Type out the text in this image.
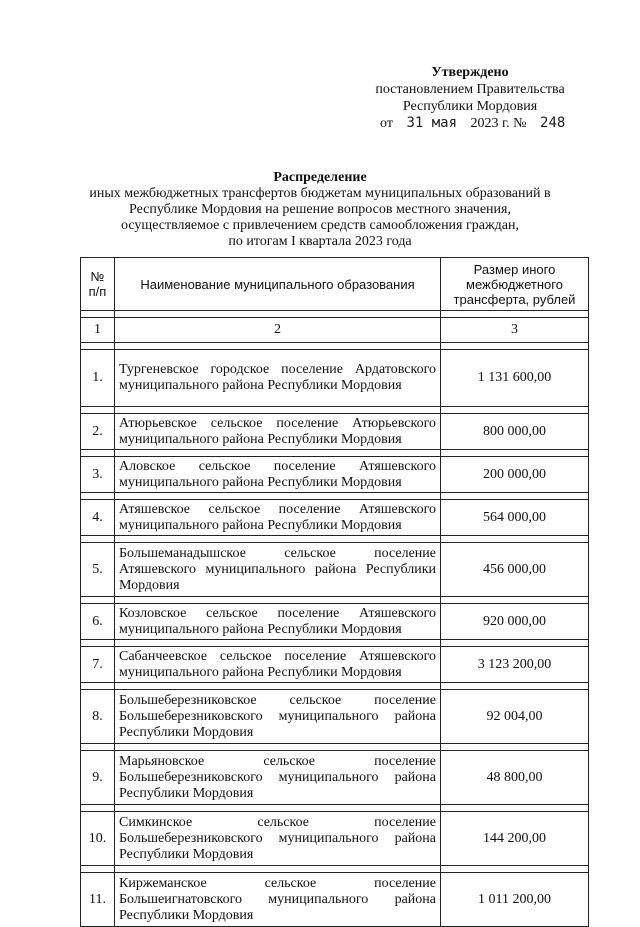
Утверждено
постановлением Правительства
Республики Мордовия
от 31 мая 2023 г. № 248
Распределение
иных межбюджетных трансфертов бюджетам муниципальных образований в
Республике Мордовия на решение вопросов местного значения,
осуществляемое с привлечением средств самообложения граждан,
по итогам I квартала 2023 года
№ п/п	Наименование муниципального образования	Размер иного межбюджетного трансферта, рублей

1	2	3

1.	Тургеневское городское поселение Ардатовского муниципального района Республики Мордовия	1 131 600,00

2.	Атюрьевское сельское поселение Атюрьевского муниципального района Республики Мордовия	800 000,00

3.	Аловское сельское поселение Атяшевского муниципального района Республики Мордовия	200 000,00

4.	Атяшевское сельское поселение Атяшевского муниципального района Республики Мордовия	564 000,00

5.	Большеманадышское сельское поселение Атяшевского муниципального района Республики Мордовия	456 000,00

6.	Козловское сельское поселение Атяшевского муниципального района Республики Мордовия	920 000,00

7.	Сабанчеевское сельское поселение Атяшевского муниципального района Республики Мордовия	3 123 200,00

8.	Большеберезниковское сельское поселение Большеберезниковского муниципального района Республики Мордовия	92 004,00

9.	Марьяновское сельское поселение Большеберезниковского муниципального района Республики Мордовия	48 800,00

10.	Симкинское сельское поселение Большеберезниковского муниципального района Республики Мордовия	144 200,00

11.	Киржеманское сельское поселение Большеигнатовского муниципального района Республики Мордовия	1 011 200,00
